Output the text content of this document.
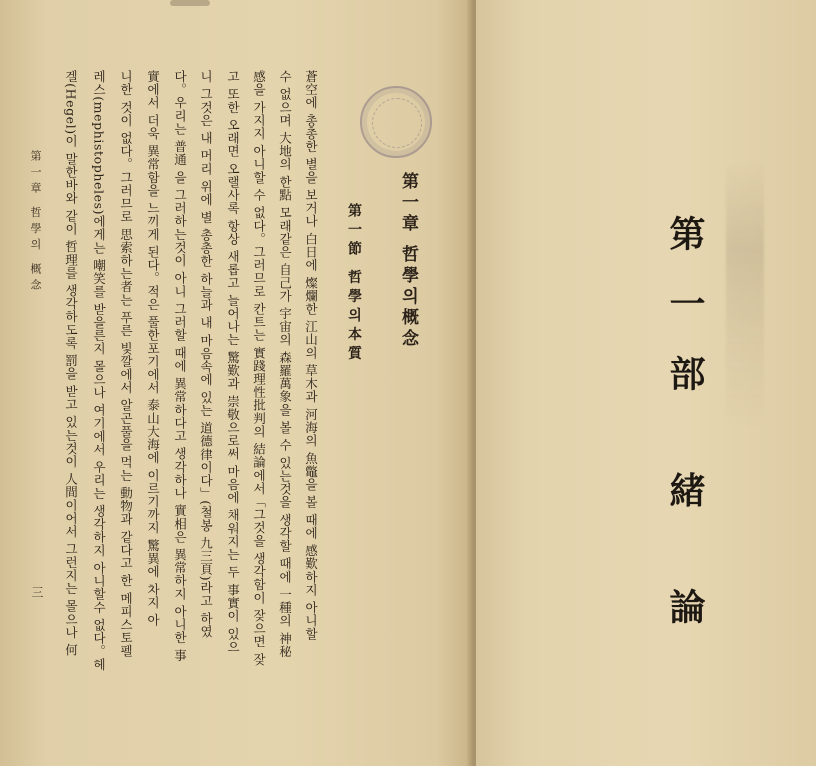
第一章 哲學의概念
第一節 哲學의本質
蒼空에 총총한 별을 보거나 白日에 燦爛한 江山의 草木과 河海의 魚鼈을 볼 때에 感歎하지 아니할
수 없으며 大地의 한點 모래같은 自己가 宇宙의 森羅萬象을 볼 수 있는것을 생각할 때에 一種의 神秘
感을 가지지 아니할 수 없다。그러므로 칸트는 實踐理性批判의 結論에서「그것을 생각함이 잦으면 잦
고 또한 오래면 오랠사록 항상 새롭고 늘어나는 驚歎과 崇敬으로써 마음에 채워지는 두 事實이 있으
니 그것은 내 머리 위에 별 총총한 하늘과 내 마음속에 있는 道德律이다」(철봉 九三頁)라고 하였
다。우리는 普通 을 그러하는것이 아니 그러할 때에 異常하다고 생각하나 實相은 異常하지 아니한 事
實에서 더욱 異常함을 느끼게 된다。적은 풀한포기에서 泰山大海에 이르기까지 驚異에 차지 아
니한 것이 없다。그러므로 思索하는者는 푸른 빛깔에서 알곤풀을 먹는 動物과 같다고 한 메피스토펠
레스(mephistopheles)에게는 嘲笑를 받을른지 몰으나 여기에서 우리는 생각하지 아니할수 없다。헤
겔(Hegel)이 말한바와 같이 哲理를 생각하도록 罰을 받고 있는것이 人間이어서 그런지는 몰으나 何
第一章 哲學의 概念
三	第一部 緒 論
